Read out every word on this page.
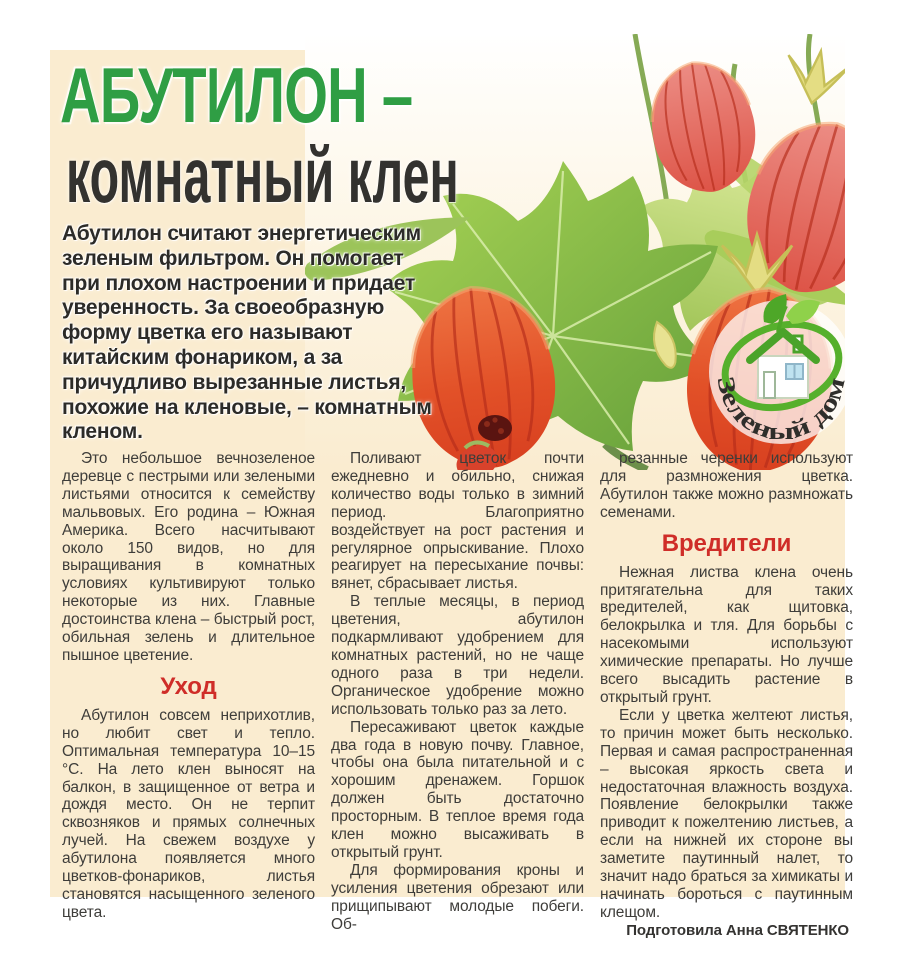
Зеленый дом
АБУТИЛОН –
комнатный клен

Абутилон считают энергетическим зеленым фильтром. Он помогает при плохом настроении и придает уверенность. За своеобразную форму цветка его называют китайским фонариком, а за причудливо вырезанные листья, похожие на кленовые, – комнатным кленом.

Это небольшое вечнозеленое деревце с пестрыми или зелеными листьями относится к семейству мальвовых. Его родина – Южная Америка. Всего насчитывают около 150 видов, но для выращивания в комнатных условиях культивируют только некоторые из них. Главные достоинства клена – быстрый рост, обильная зелень и длительное пышное цветение.

Уход

Абутилон совсем неприхотлив, но любит свет и тепло. Оптимальная температура 10–15 °С. На лето клен выносят на балкон, в защищенное от ветра и дождя место. Он не терпит сквозняков и прямых солнечных лучей. На свежем воздухе у абутилона появляется много цветков-фонариков, листья становятся насыщенного зеленого цвета.

Поливают цветок почти ежедневно и обильно, снижая количество воды только в зимний период. Благоприятно воздействует на рост растения и регулярное опрыскивание. Плохо реагирует на пересыхание почвы: вянет, сбрасывает листья.

В теплые месяцы, в период цветения, абутилон подкармливают удобрением для комнатных растений, но не чаще одного раза в три недели. Органическое удобрение можно использовать только раз за лето.

Пересаживают цветок каждые два года в новую почву. Главное, чтобы она была питательной и с хорошим дренажем. Горшок должен быть достаточно просторным. В теплое время года клен можно высаживать в открытый грунт.

Для формирования кроны и усиления цветения обрезают или прищипывают молодые побеги. Об-

резанные черенки используют для размножения цветка. Абутилон также можно размножать семенами.

Вредители

Нежная листва клена очень притягательна для таких вредителей, как щитовка, белокрылка и тля. Для борьбы с насекомыми используют химические препараты. Но лучше всего высадить растение в открытый грунт.

Если у цветка желтеют листья, то причин может быть несколько. Первая и самая распространенная – высокая яркость света и недостаточная влажность воздуха. Появление белокрылки также приводит к пожелтению листьев, а если на нижней их стороне вы заметите паутинный налет, то значит надо браться за химикаты и начинать бороться с паутинным клещом.

Подготовила Анна СВЯТЕНКО
